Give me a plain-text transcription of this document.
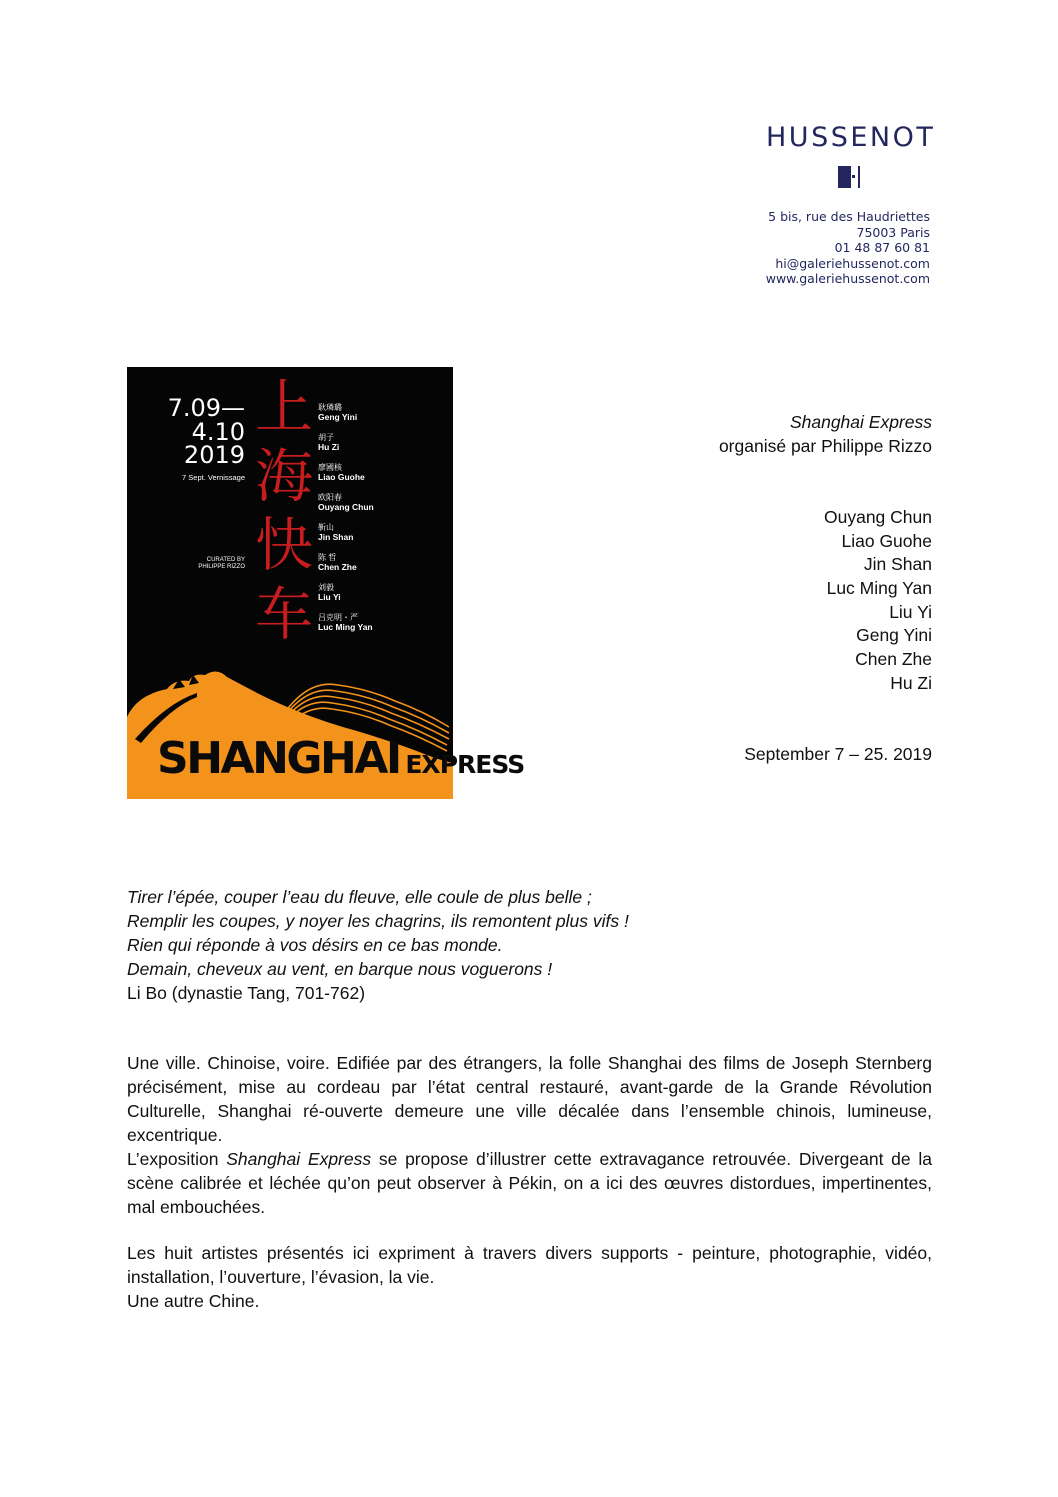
HUSSENOT
5 bis, rue des Haudriettes
75003 Paris
01 48 87 60 81
hi@galeriehussenot.com
www.galeriehussenot.com
7.09—
4.10
2019
7 Sept. Vernissage
CURATED BY
PHILIPPE RIZZO
上
海
快
车
耿璘璐
Geng Yini
胡子
Hu Zi
廖國核
Liao Guohe
欧阳春
Ouyang Chun
靳山
Jin Shan
陈 哲
Chen Zhe
刘毅
Liu Yi
吕克明・严
Luc Ming Yan
SHANGHAI EXPRESS
Shanghai Express
organisé par Philippe Rizzo
Ouyang Chun
Liao Guohe
Jin Shan
Luc Ming Yan
Liu Yi
Geng Yini
Chen Zhe
Hu Zi
September 7 – 25. 2019
Tirer l’épée, couper l’eau du fleuve, elle coule de plus belle ;
Remplir les coupes, y noyer les chagrins, ils remontent plus vifs !
Rien qui réponde à vos désirs en ce bas monde.
Demain, cheveux au vent, en barque nous voguerons !
Li Bo (dynastie Tang, 701-762)
Une ville. Chinoise, voire. Edifiée par des étrangers, la folle Shanghai des films de Joseph Sternberg précisément, mise au cordeau par l’état central restauré, avant-garde de la Grande Révolution Culturelle, Shanghai ré-ouverte demeure une ville décalée dans l’ensemble chinois, lumineuse, excentrique.
L’exposition Shanghai Express se propose d’illustrer cette extravagance retrouvée. Divergeant de la scène calibrée et léchée qu’on peut observer à Pékin, on a ici des œuvres distordues, impertinentes, mal embouchées.
Les huit artistes présentés ici expriment à travers divers supports - peinture, photographie, vidéo, installation, l’ouverture, l’évasion, la vie.
Une autre Chine.
